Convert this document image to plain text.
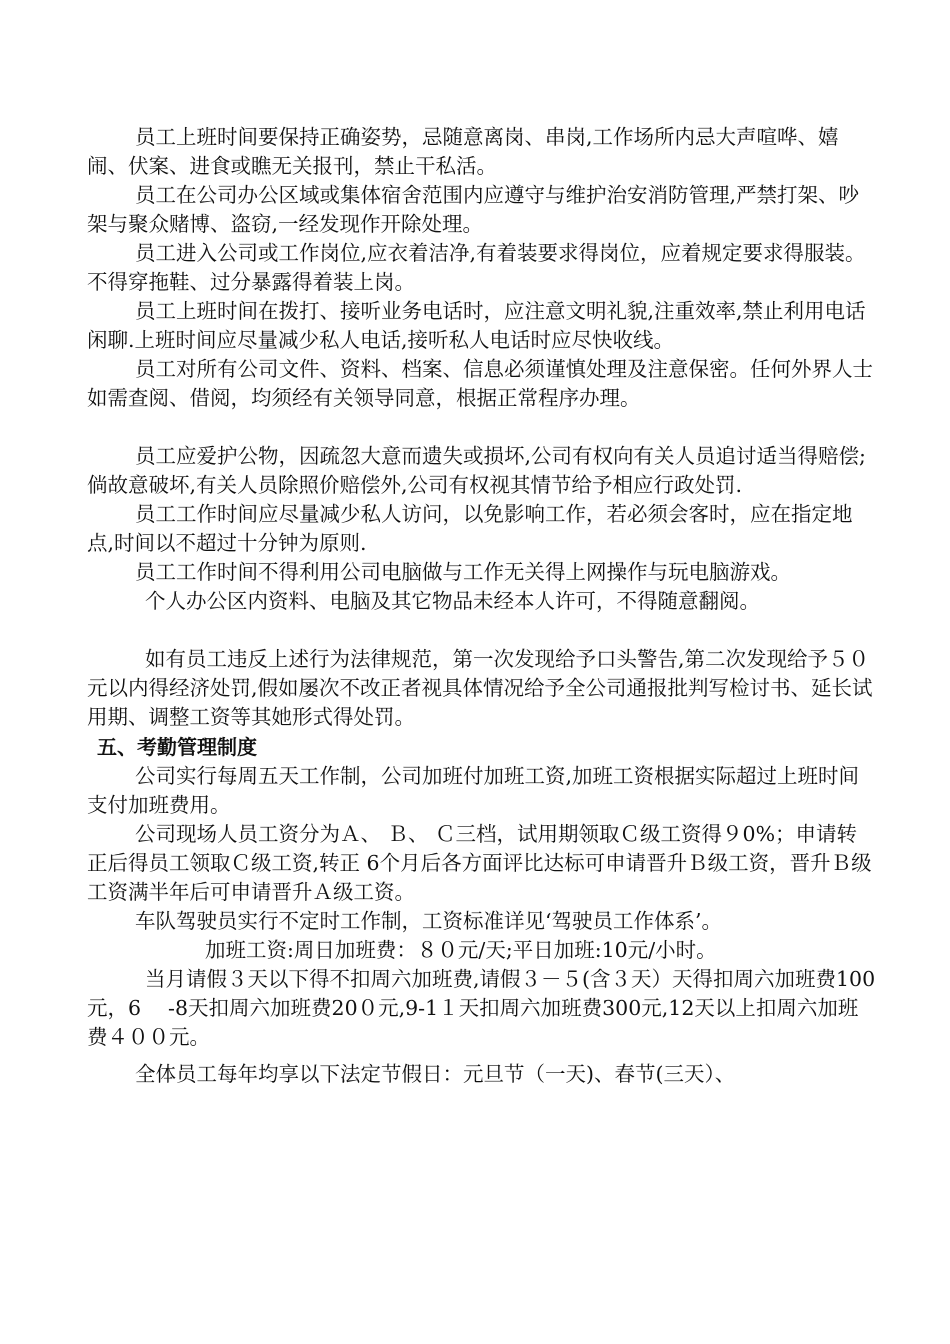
员工上班时间要保持正确姿势，忌随意离岗、串岗,工作场所内忌大声喧哗、嬉闹、伏案、进食或瞧无关报刊，禁止干私活。

员工在公司办公区域或集体宿舍范围内应遵守与维护治安消防管理,严禁打架、吵架与聚众赌博、盗窃,一经发现作开除处理。

员工进入公司或工作岗位,应衣着洁净,有着装要求得岗位，应着规定要求得服装。不得穿拖鞋、过分暴露得着装上岗。

员工上班时间在拨打、接听业务电话时，应注意文明礼貌,注重效率,禁止利用电话闲聊.上班时间应尽量减少私人电话,接听私人电话时应尽快收线。

员工对所有公司文件、资料、档案、信息必须谨慎处理及注意保密。任何外界人士如需查阅、借阅，均须经有关领导同意，根据正常程序办理。

员工应爱护公物，因疏忽大意而遗失或损坏,公司有权向有关人员追讨适当得赔偿;倘故意破坏,有关人员除照价赔偿外,公司有权视其情节给予相应行政处罚.

员工工作时间应尽量减少私人访问，以免影响工作，若必须会客时，应在指定地点,时间以不超过十分钟为原则.

员工工作时间不得利用公司电脑做与工作无关得上网操作与玩电脑游戏。

个人办公区内资料、电脑及其它物品未经本人许可，不得随意翻阅。

如有员工违反上述行为法律规范，第一次发现给予口头警告,第二次发现给予５０元以内得经济处罚,假如屡次不改正者视具体情况给予全公司通报批判写检讨书、延长试用期、调整工资等其她形式得处罚。

五、考勤管理制度

公司实行每周五天工作制，公司加班付加班工资,加班工资根据实际超过上班时间支付加班费用。

公司现场人员工资分为Ａ、 Ｂ、 Ｃ三档，试用期领取Ｃ级工资得９0%；申请转正后得员工领取Ｃ级工资,转正 6个月后各方面评比达标可申请晋升Ｂ级工资，晋升Ｂ级工资满半年后可申请晋升Ａ级工资。

车队驾驶员实行不定时工作制，工资标准详见‘驾驶员工作体系’。

加班工资:周日加班费：８０元/天;平日加班:10元/小时。

当月请假３天以下得不扣周六加班费,请假３－５(含３天）天得扣周六加班费100元，6　 -8天扣周六加班费20０元,9-1１天扣周六加班费300元,12天以上扣周六加班费４００元。

全体员工每年均享以下法定节假日：元旦节（一天)、春节(三天）、
